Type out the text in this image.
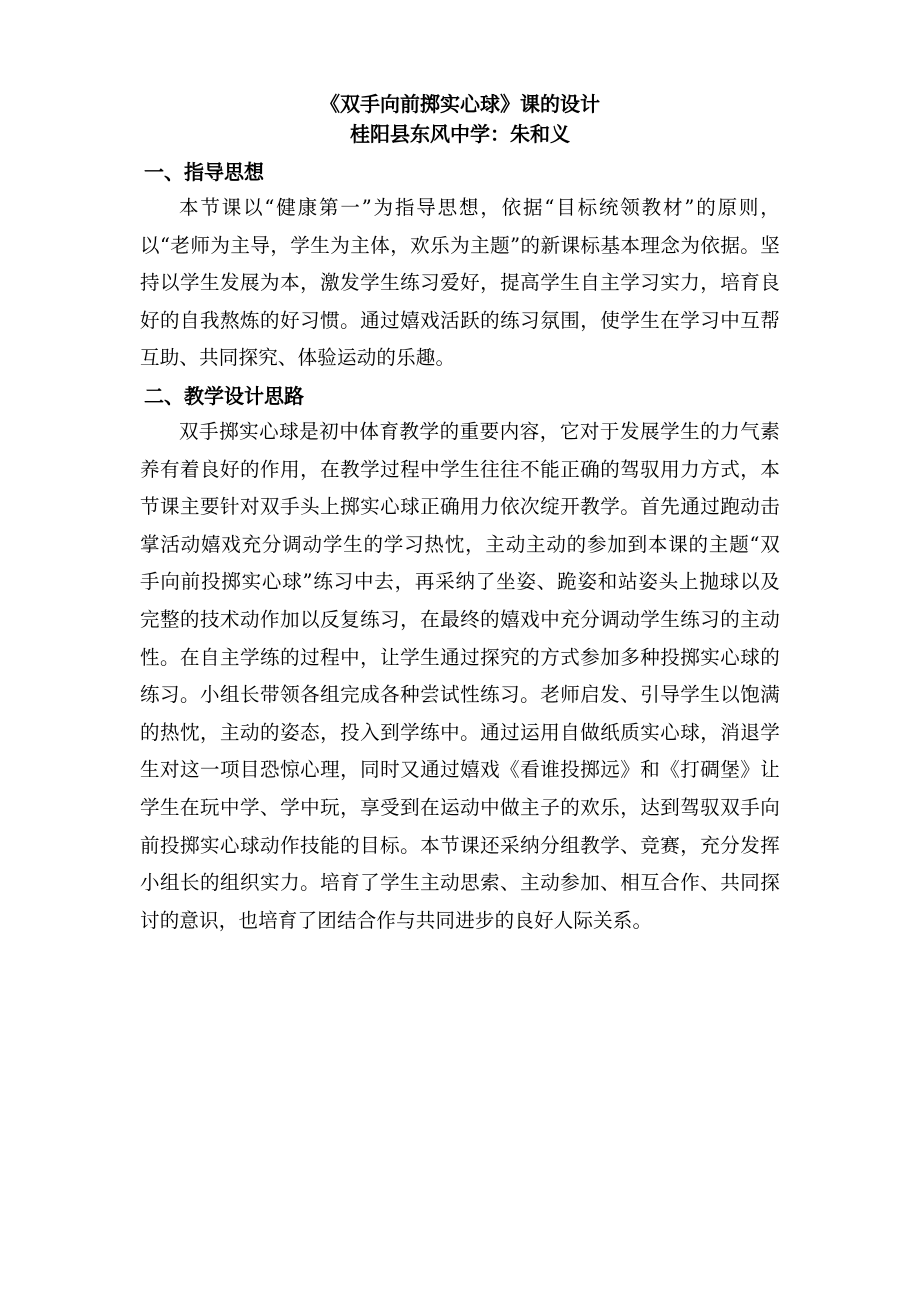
《双手向前掷实心球》课的设计

桂阳县东风中学：朱和义

一、指导思想

本节课以“健康第一”为指导思想，依据“目标统领教材”的原则，以“老师为主导，学生为主体，欢乐为主题”的新课标基本理念为依据。坚持以学生发展为本，激发学生练习爱好，提高学生自主学习实力，培育良好的自我熬炼的好习惯。通过嬉戏活跃的练习氛围，使学生在学习中互帮互助、共同探究、体验运动的乐趣。

二、教学设计思路

双手掷实心球是初中体育教学的重要内容，它对于发展学生的力气素养有着良好的作用，在教学过程中学生往往不能正确的驾驭用力方式，本节课主要针对双手头上掷实心球正确用力依次绽开教学。首先通过跑动击掌活动嬉戏充分调动学生的学习热忱，主动主动的参加到本课的主题“双手向前投掷实心球”练习中去，再采纳了坐姿、跪姿和站姿头上抛球以及完整的技术动作加以反复练习，在最终的嬉戏中充分调动学生练习的主动性。在自主学练的过程中，让学生通过探究的方式参加多种投掷实心球的练习。小组长带领各组完成各种尝试性练习。老师启发、引导学生以饱满的热忱，主动的姿态，投入到学练中。通过运用自做纸质实心球，消退学生对这一项目恐惊心理，同时又通过嬉戏《看谁投掷远》和《打碉堡》让学生在玩中学、学中玩，享受到在运动中做主子的欢乐，达到驾驭双手向前投掷实心球动作技能的目标。本节课还采纳分组教学、竞赛，充分发挥小组长的组织实力。培育了学生主动思索、主动参加、相互合作、共同探讨的意识，也培育了团结合作与共同进步的良好人际关系。
